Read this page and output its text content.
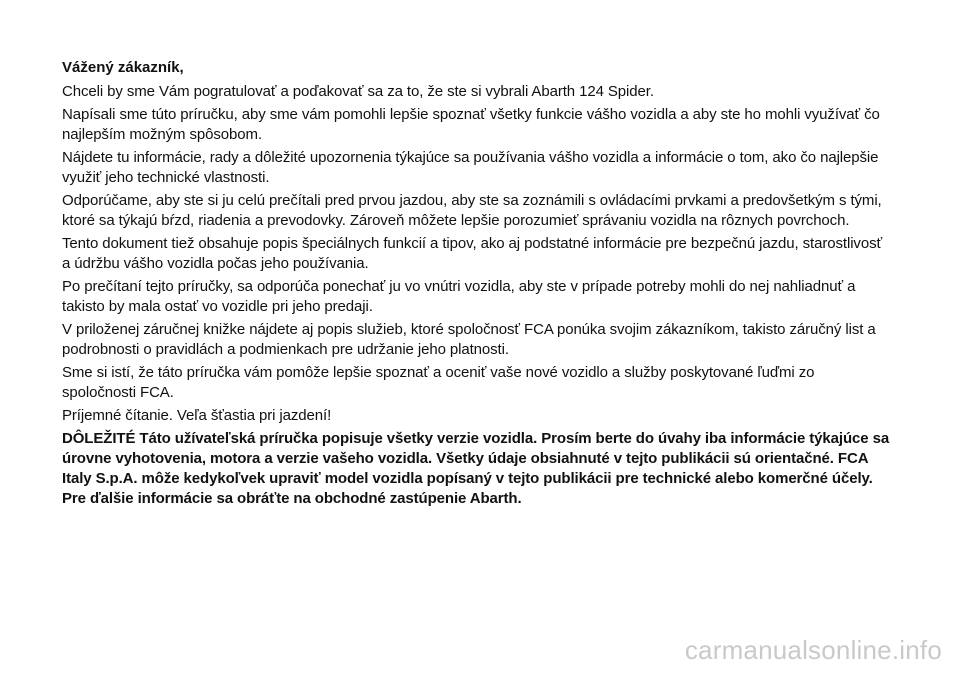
Vážený zákazník,

Chceli by sme Vám pogratulovať a poďakovať sa za to, že ste si vybrali Abarth 124 Spider.

Napísali sme túto príručku, aby sme vám pomohli lepšie spoznať všetky funkcie vášho vozidla a aby ste ho mohli využívať čo najlepším možným spôsobom.

Nájdete tu informácie, rady a dôležité upozornenia týkajúce sa používania vášho vozidla a informácie o tom, ako čo najlepšie využiť jeho technické vlastnosti.

Odporúčame, aby ste si ju celú prečítali pred prvou jazdou, aby ste sa zoznámili s ovládacími prvkami a predovšetkým s tými, ktoré sa týkajú bŕzd, riadenia a prevodovky. Zároveň môžete lepšie porozumieť správaniu vozidla na rôznych povrchoch.

Tento dokument tiež obsahuje popis špeciálnych funkcií a tipov, ako aj podstatné informácie pre bezpečnú jazdu, starostlivosť a údržbu vášho vozidla počas jeho používania.

Po prečítaní tejto príručky, sa odporúča ponechať ju vo vnútri vozidla, aby ste v prípade potreby mohli do nej nahliadnuť a takisto by mala ostať vo vozidle pri jeho predaji.

V priloženej záručnej knižke nájdete aj popis služieb, ktoré spoločnosť FCA ponúka svojim zákazníkom, takisto záručný list a podrobnosti o pravidlách a podmienkach pre udržanie jeho platnosti.

Sme si istí, že táto príručka vám pomôže lepšie spoznať a oceniť vaše nové vozidlo a služby poskytované ľuďmi zo spoločnosti FCA.

Príjemné čítanie. Veľa šťastia pri jazdení!

DÔLEŽITÉ Táto užívateľská príručka popisuje všetky verzie vozidla. Prosím berte do úvahy iba informácie týkajúce sa úrovne vyhotovenia, motora a verzie vašeho vozidla. Všetky údaje obsiahnuté v tejto publikácii sú orientačné. FCA Italy S.p.A. môže kedykoľvek upraviť model vozidla popísaný v tejto publikácii pre technické alebo komerčné účely. Pre ďalšie informácie sa obráťte na obchodné zastúpenie Abarth.

carmanualsonline.info
